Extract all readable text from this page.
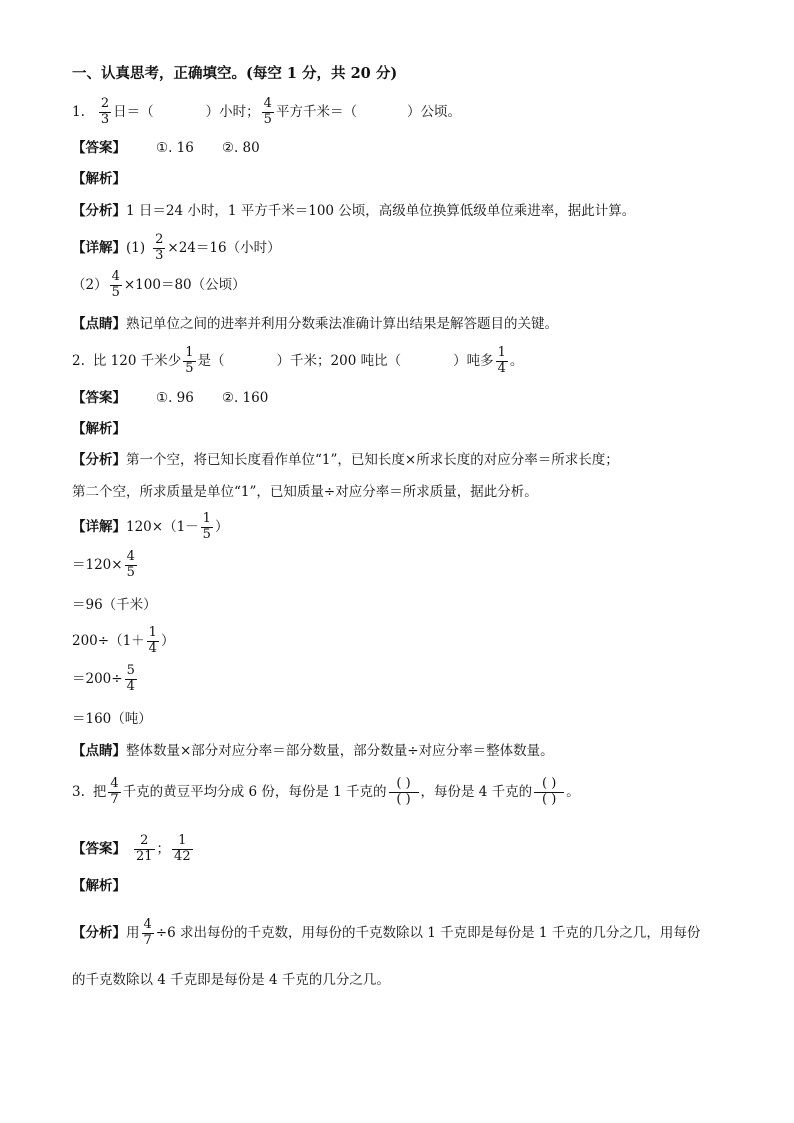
一、认真思考，正确填空。(每空 1 分，共 20 分)
1. $\frac{2}{3}$ 日＝（	）小时； $\frac{4}{5}$ 平方千米＝（	）公顷。
【答案】 ①. 16 ②. 80
【解析】
【分析】 1 日＝24 小时，1 平方千米＝100 公顷，高级单位换算低级单位乘进率，据此计算。
【详解】 $(1) \frac{2}{3} \times 24=16$（小时）
$(2) \frac{4}{5} \times 100=80$（公顷）
【点睛】 熟记单位之间的进率并利用分数乘法准确计算出结果是解答题目的关键。
2. 比 120 千米少 $\frac{1}{5}$ 是（	）千米；200 吨比（	）吨多 $\frac{1}{4}$ 。
【答案】 ①. 96 ②. 160
【解析】
【分析】 第一个空，将已知长度看作单位“1”，已知长度×所求长度的对应分率＝所求长度；
第二个空，所求质量是单位“1”，已知质量÷对应分率＝所求质量，据此分析。
【详解】 $120\times(1- \frac{1}{5}$ ）
$=120\times \frac{4}{5}$
＝96（千米）
$200\div(1+ \frac{1}{4}$ ）
$=200\div \frac{5}{4}$
＝160（吨）
【点睛】 整体数量×部分对应分率＝部分数量，部分数量÷对应分率＝整体数量。
3. 把 $\frac{4}{7}$ 千克的黄豆平均分成 6 份，每份是 1 千克的 $\frac{( )}{( )}$ ，每份是 4 千克的 $\frac{( )}{( )}$ 。
【答案】 $\frac{2}{21}$ ； $\frac{1}{42}$
【解析】
【分析】 用 $\frac{4}{7} \div 6$ 求出每份的千克数，用每份的千克数除以 1 千克即是每份是 1 千克的几分之几，用每份
的千克数除以 4 千克即是每份是 4 千克的几分之几。
